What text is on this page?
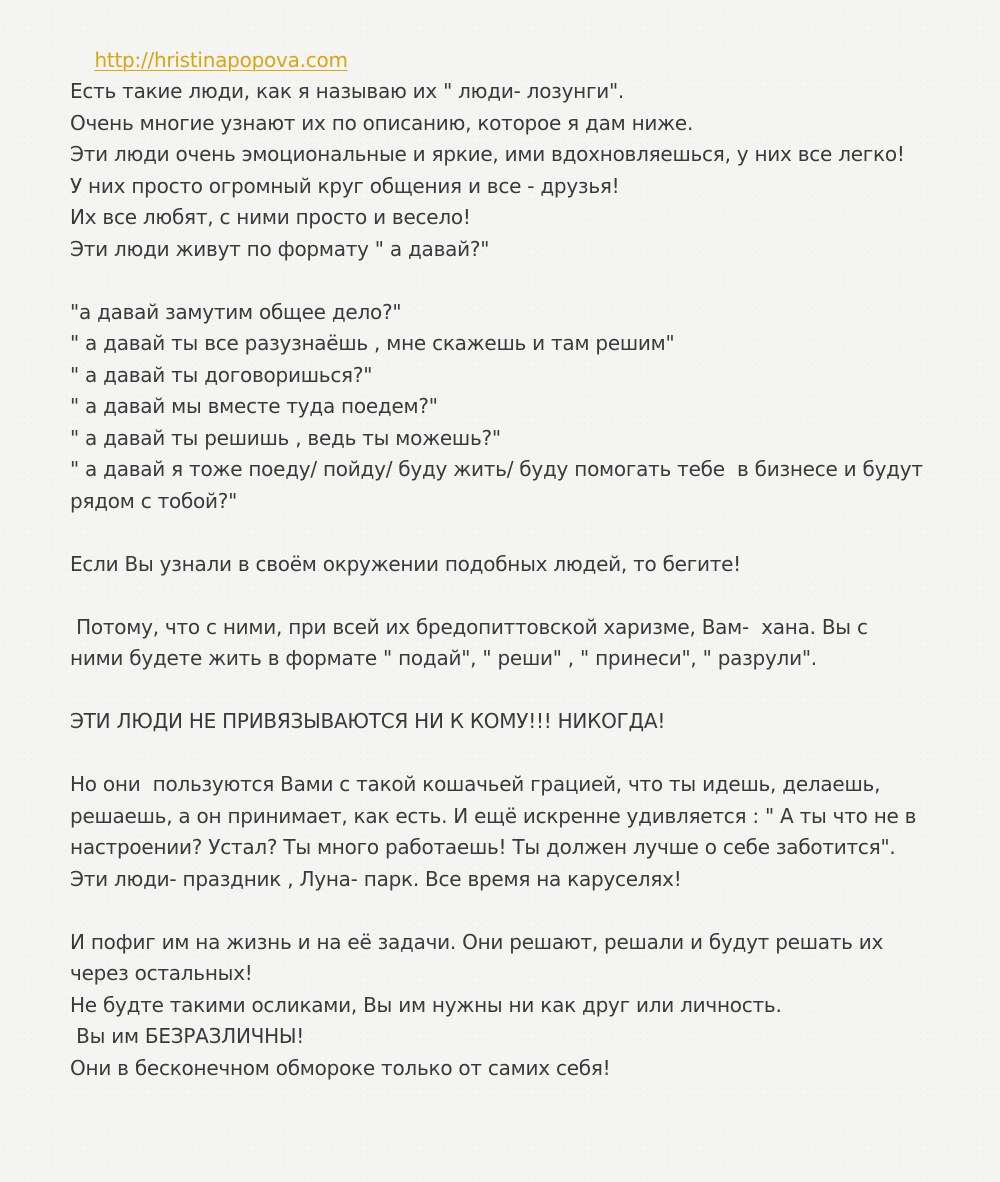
http://hristinapopova.com

Есть такие люди, как я называю их " люди- лозунги".
Очень многие узнают их по описанию, которое я дам ниже.
Эти люди очень эмоциональные и яркие, ими вдохновляешься, у них все легко!
У них просто огромный круг общения и все - друзья!
Их все любят, с ними просто и весело!
Эти люди живут по формату " а давай?"
"а давай замутим общее дело?"
" а давай ты все разузнаёшь , мне скажешь и там решим"
" а давай ты договоришься?"
" а давай мы вместе туда поедем?"
" а давай ты решишь , ведь ты можешь?"
" а давай я тоже поеду/ пойду/ буду жить/ буду помогать тебе  в бизнесе и будут
рядом с тобой?"
Если Вы узнали в своём окружении подобных людей, то бегите!
Потому, что с ними, при всей их бредопиттовской харизме, Вам-  хана. Вы с
ними будете жить в формате " подай", " реши" , " принеси", " разрули".
ЭТИ ЛЮДИ НЕ ПРИВЯЗЫВАЮТСЯ НИ К КОМУ!!! НИКОГДА!
Но они  пользуются Вами с такой кошачьей грацией, что ты идешь, делаешь,
решаешь, а он принимает, как есть. И ещё искренне удивляется : " А ты что не в
настроении? Устал? Ты много работаешь! Ты должен лучше о себе заботится".
Эти люди- праздник , Луна- парк. Все время на каруселях!
И пофиг им на жизнь и на её задачи. Они решают, решали и будут решать их
через остальных!
Не будте такими осликами, Вы им нужны ни как друг или личность.
Вы им БЕЗРАЗЛИЧНЫ!
Они в бесконечном обмороке только от самих себя!
